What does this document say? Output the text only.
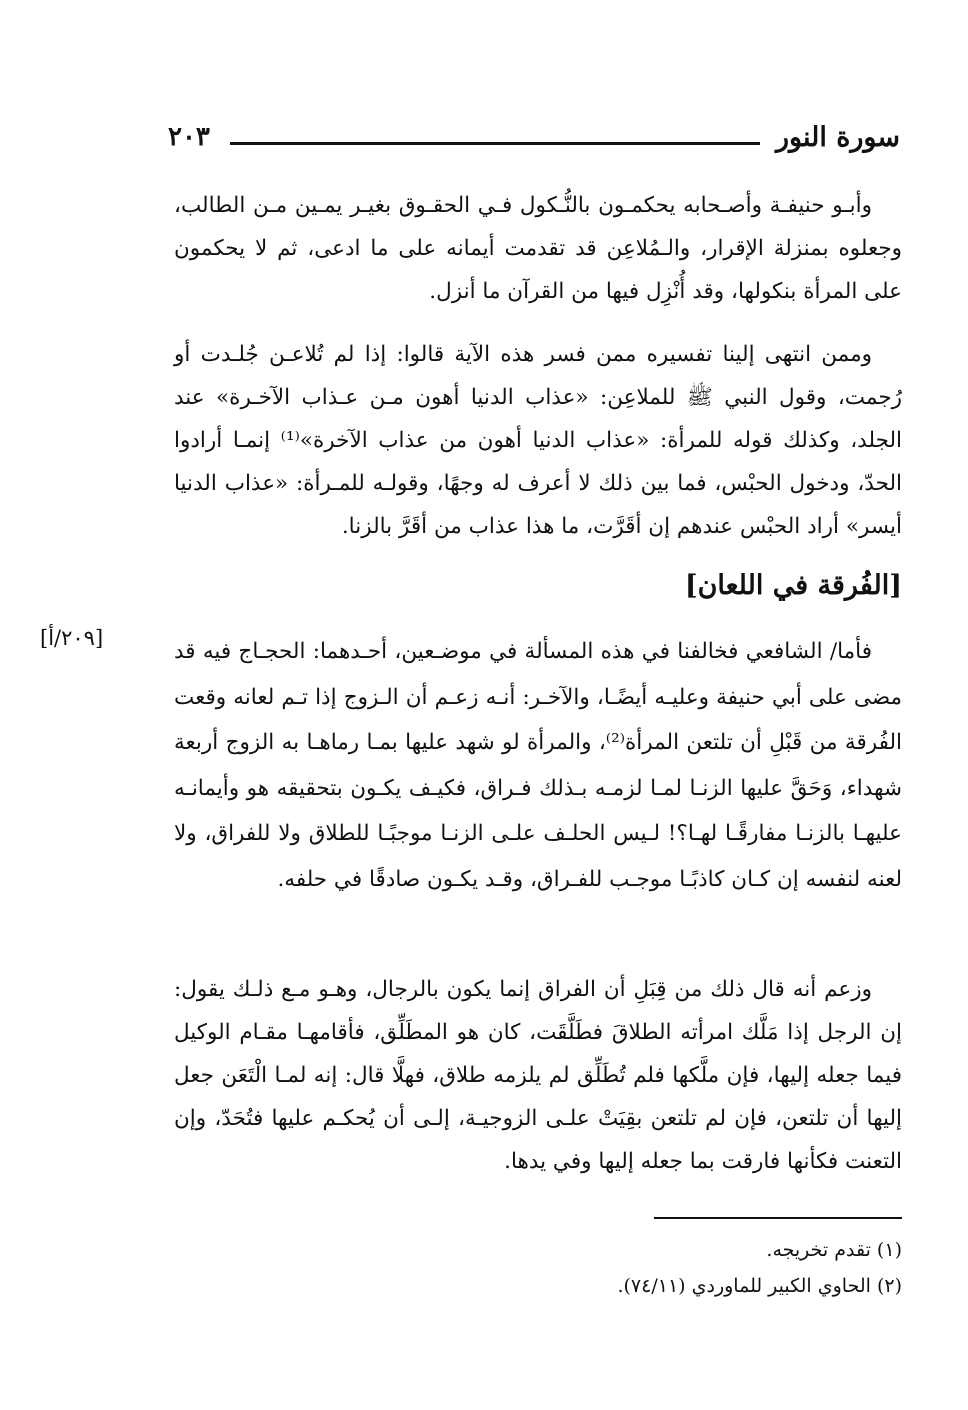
سورة النور
٢٠٣

وأبـو حنيفـة وأصـحابه يحكمـون بالنُّـكول فـي الحقـوق بغيـر يمـين مـن الطالب، وجعلوه بمنزلة الإقرار، والـمُلاعِن قد تقدمت أيمانه على ما ادعى، ثم لا يحكمون على المرأة بنكولها، وقد أُنْزِل فيها من القرآن ما أنزل.

وممن انتهى إلينا تفسيره ممن فسر هذه الآية قالوا: إذا لم تُلاعـن جُلـدت أو رُجمت، وقول النبي ﷺ للملاعِن: «عذاب الدنيا أهون مـن عـذاب الآخـرة» عند الجلد، وكذلك قوله للمرأة: «عذاب الدنيا أهون من عذاب الآخرة»⁽¹⁾ إنمـا أرادوا الحدّ، ودخول الحبْس، فما بين ذلك لا أعرف له وجهًا، وقولـه للمـرأة: «عذاب الدنيا أيسر» أراد الحبْس عندهم إن أقَرَّت، ما هذا عذاب من أقَرَّ بالزنا.

[الفُرقة في اللعان]
[٢٠٩/أ]

فأما/ الشافعي فخالفنا في هذه المسألة في موضـعين، أحـدهما: الحجـاج فيه قد مضى على أبي حنيفة وعليـه أيضًـا، والآخـر: أنـه زعـم أن الـزوج إذا تـم لعانه وقعت الفُرقة من قَبْلِ أن تلتعن المرأة⁽²⁾، والمرأة لو شهد عليها بمـا رماهـا به الزوج أربعة شهداء، وَحَقَّ عليها الزنـا لمـا لزمـه بـذلك فـراق، فكيـف يكـون بتحقيقه هو وأيمانـه عليهـا بالزنـا مفارقًـا لهـا؟! لـيس الحلـف علـى الزنـا موجبًـا للطلاق ولا للفراق، ولا لعنه لنفسه إن كـان كاذبًـا موجـب للفـراق، وقـد يكـون صادقًا في حلفه.

وزعم أنه قال ذلك من قِبَلِ أن الفراق إنما يكون بالرجال، وهـو مـع ذلـك يقول: إن الرجل إذا مَلَّك امرأته الطلاقَ فطَلَّقَت، كان هو المطَلِّق، فأقامهـا مقـام الوكيل فيما جعله إليها، فإن ملَّكها فلم تُطَلِّق لم يلزمه طلاق، فهلَّا قال: إنه لمـا الْتَعَن جعل إليها أن تلتعن، فإن لم تلتعن بقِيَتْ علـى الزوجيـة، إلـى أن يُحكـم عليها فتُحَدّ، وإن التعنت فكأنها فارقت بما جعله إليها وفي يدها.

(١) تقدم تخريجه.
(٢) الحاوي الكبير للماوردي (٧٤/١١).
